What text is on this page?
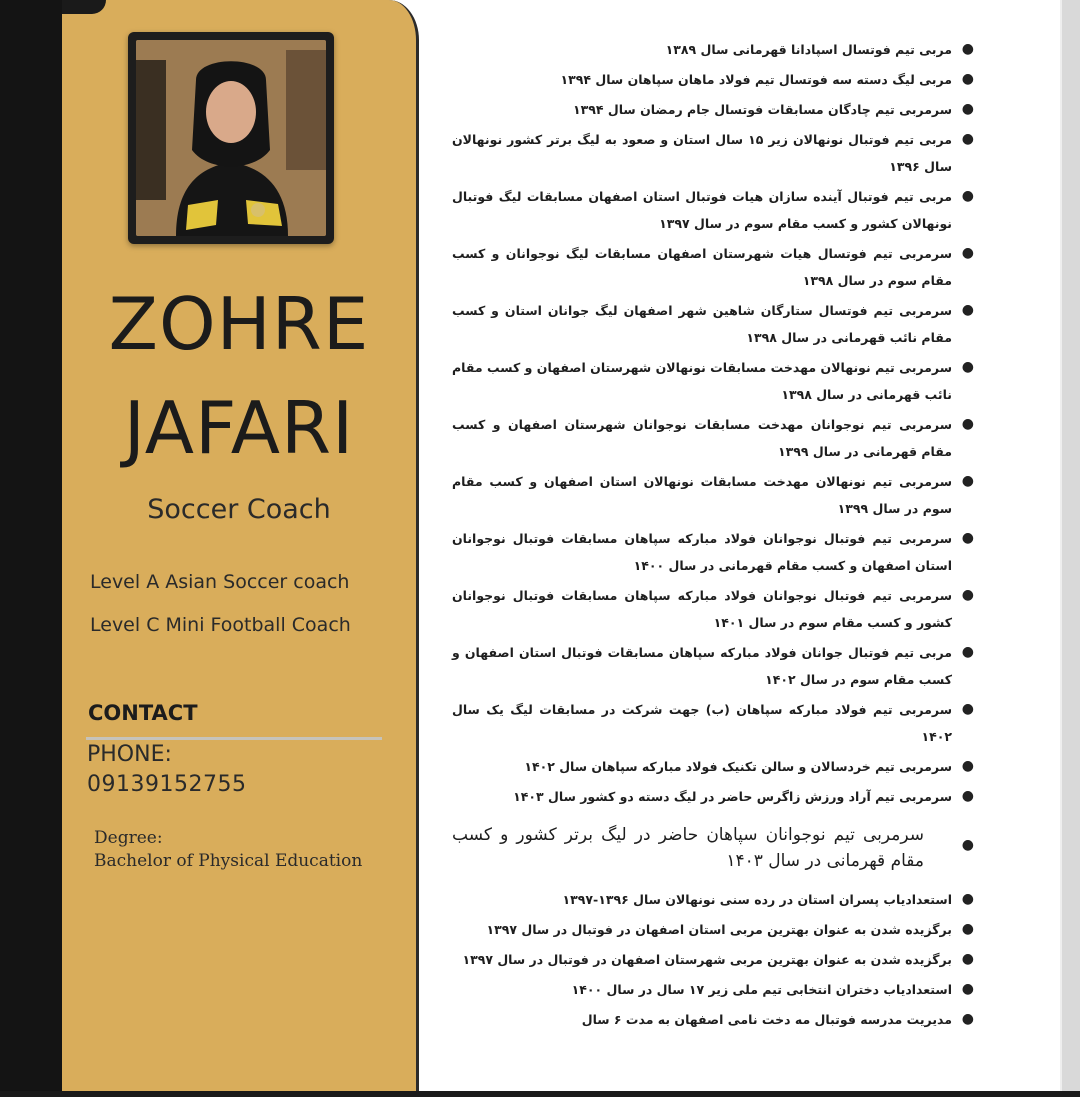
ZOHRE
JAFARI

Soccer Coach

Level A Asian Soccer coach

Level C Mini Football Coach

CONTACT

PHONE:

09139152755

Degree:

Bachelor of Physical Education

●
مربی تیم فوتسال اسپادانا قهرمانی سال ۱۳۸۹
●
مربی لیگ دسته سه فوتسال تیم فولاد ماهان سپاهان سال ۱۳۹۴
●
سرمربی تیم چادگان مسابقات فوتسال جام رمضان سال ۱۳۹۴
●
مربی تیم فوتبال نونهالان زیر ۱۵ سال استان و صعود به لیگ برتر کشور نونهالان سال ۱۳۹۶
●
مربی تیم فوتبال آینده سازان هیات فوتبال استان اصفهان مسابقات لیگ فوتبال نونهالان کشور و کسب مقام سوم در سال ۱۳۹۷
●
سرمربی تیم فوتسال هیات شهرستان اصفهان مسابقات لیگ نوجوانان و کسب مقام سوم در سال ۱۳۹۸
●
سرمربی تیم فوتسال ستارگان شاهین شهر اصفهان لیگ جوانان استان و کسب مقام نائب قهرمانی در سال ۱۳۹۸
●
سرمربی تیم نونهالان مهدخت مسابقات نونهالان شهرستان اصفهان و کسب مقام نائب قهرمانی در سال ۱۳۹۸
●
سرمربی تیم نوجوانان مهدخت مسابقات نوجوانان شهرستان اصفهان و کسب مقام قهرمانی در سال ۱۳۹۹
●
سرمربی تیم نونهالان مهدخت مسابقات نونهالان استان اصفهان و کسب مقام سوم در سال ۱۳۹۹
●
سرمربی تیم فوتبال نوجوانان فولاد مبارکه سپاهان مسابقات فوتبال نوجوانان استان اصفهان و کسب مقام قهرمانی در سال ۱۴۰۰
●
سرمربی تیم فوتبال نوجوانان فولاد مبارکه سپاهان مسابقات فوتبال نوجوانان کشور و کسب مقام سوم در سال ۱۴۰۱
●
مربی تیم فوتبال جوانان فولاد مبارکه سپاهان مسابقات فوتبال استان اصفهان و کسب مقام سوم در سال ۱۴۰۲
●
سرمربی تیم فولاد مبارکه سپاهان (ب) جهت شرکت در مسابقات لیگ یک سال ۱۴۰۲
●
سرمربی تیم خردسالان و سالن تکنیک فولاد مبارکه سپاهان سال ۱۴۰۲
●
سرمربی تیم آراد ورزش زاگرس حاضر در لیگ دسته دو کشور سال ۱۴۰۳
●
سرمربی تیم نوجوانان سپاهان حاضر در لیگ برتر کشور و کسب مقام قهرمانی در سال ۱۴۰۳
●
استعدادیاب پسران استان در رده سنی نونهالان سال ۱۳۹۶-۱۳۹۷
●
برگزیده شدن به عنوان بهترین مربی استان اصفهان در فوتبال در سال ۱۳۹۷
●
برگزیده شدن به عنوان بهترین مربی شهرستان اصفهان در فوتبال در سال ۱۳۹۷
●
استعدادیاب دختران انتخابی تیم ملی زیر ۱۷ سال در سال ۱۴۰۰
●
مدیریت مدرسه فوتبال مه دخت نامی اصفهان به مدت ۶ سال
